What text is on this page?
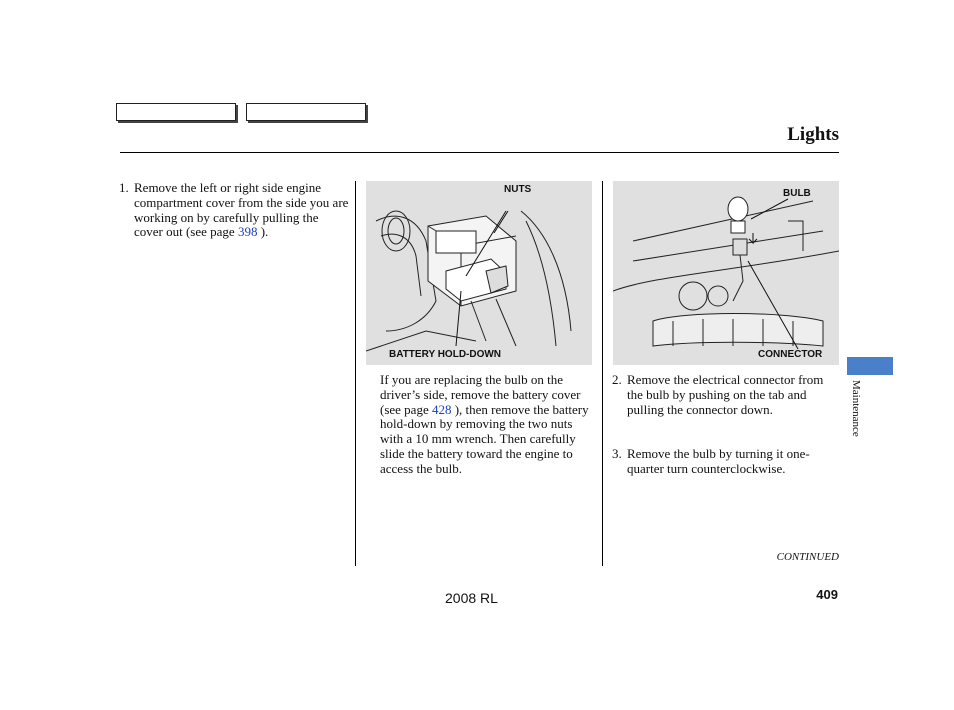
Lights
1. Remove the left or right side engine compartment cover from the side you are working on by carefully pulling the cover out (see page 398 ).
NUTS
BATTERY HOLD-DOWN
If you are replacing the bulb on the driver’s side, remove the battery cover (see page 428 ), then remove the battery hold-down by removing the two nuts with a 10 mm wrench. Then carefully slide the battery toward the engine to access the bulb.
BULB
CONNECTOR
2. Remove the electrical connector from the bulb by pushing on the tab and pulling the connector down.
3. Remove the bulb by turning it one-quarter turn counterclockwise.
CONTINUED
409
2008 RL
Maintenance
